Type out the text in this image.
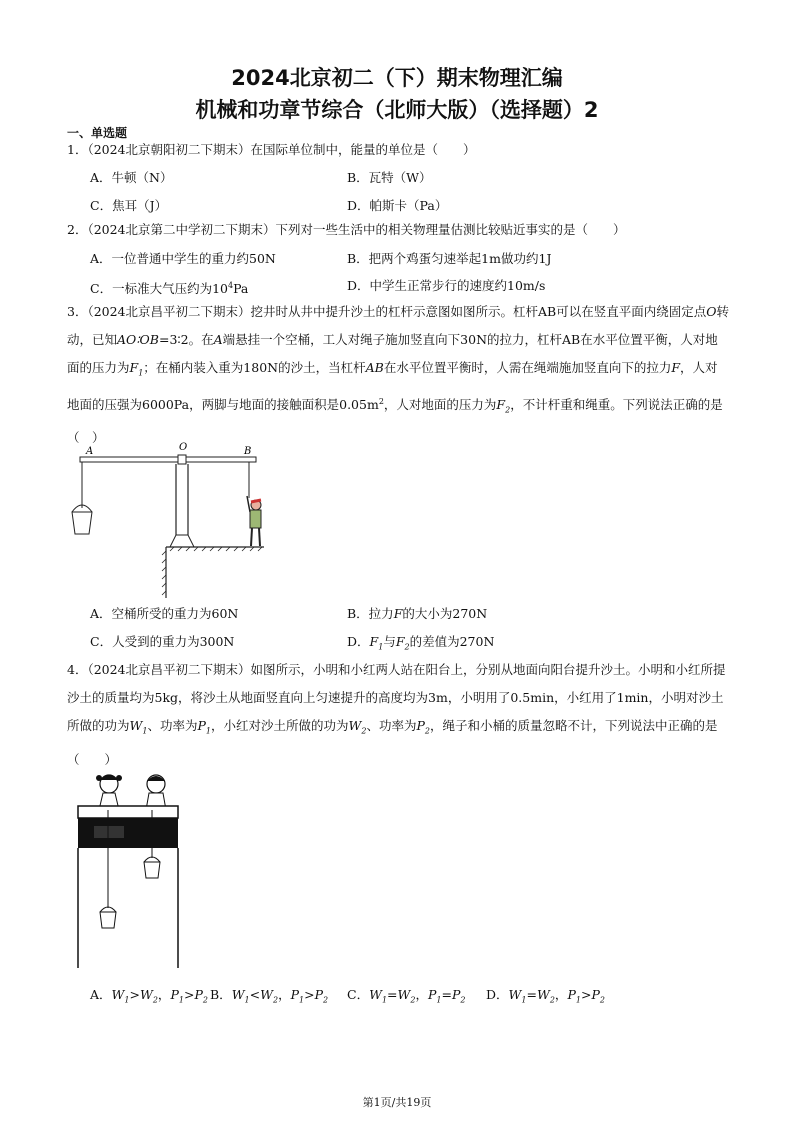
2024北京初二（下）期末物理汇编
机械和功章节综合（北师大版）（选择题）2
一、单选题
1．（2024北京朝阳初二下期末）在国际单位制中，能量的单位是（　　）
A．牛顿（N）	B．瓦特（W）
C．焦耳（J）	D．帕斯卡（Pa）
2．（2024北京第二中学初二下期末）下列对一些生活中的相关物理量估测比较贴近事实的是（　　）
A．一位普通中学生的重力约50N	B．把两个鸡蛋匀速举起1m做功约1J
C．一标准大气压约为$10^4Pa$	D．中学生正常步行的速度约10m/s
3．（2024北京昌平初二下期末）挖井时从井中提升沙土的杠杆示意图如图所示。杠杆AB可以在竖直平面内绕固定点O转动，已知AO∶OB=3∶2。在A端悬挂一个空桶，工人对绳子施加竖直向下30N的拉力，杠杆AB在水平位置平衡，人对地面的压力为$F_1$；在桶内装入重为180N的沙土，当杠杆AB在水平位置平衡时，人需在绳端施加竖直向下的拉力F，人对地面的压强为6000Pa，两脚与地面的接触面积是$0.05m^2$，人对地面的压力为$F_2$，不计杆重和绳重。下列说法正确的是（　）
A	O	B
A．空桶所受的重力为60N	B．拉力F的大小为270N
C．人受到的重力为300N	D．$F_1$与$F_2$的差值为270N
4．（2024北京昌平初二下期末）如图所示，小明和小红两人站在阳台上，分别从地面向阳台提升沙土。小明和小红所提沙土的质量均为5kg，将沙土从地面竖直向上匀速提升的高度均为3m，小明用了0.5min，小红用了1min，小明对沙土所做的功为$W_1$、功率为$P_1$，小红对沙土所做的功为$W_2$、功率为$P_2$，绳子和小桶的质量忽略不计，下列说法中正确的是（　　）
A．$W_1>W_2$，$P_1>P_2$ B．$W_1<W_2$，$P_1>P_2$ C．$W_1=W_2$，$P_1=P_2$ D．$W_1=W_2$，$P_1>P_2$
第1页/共19页
